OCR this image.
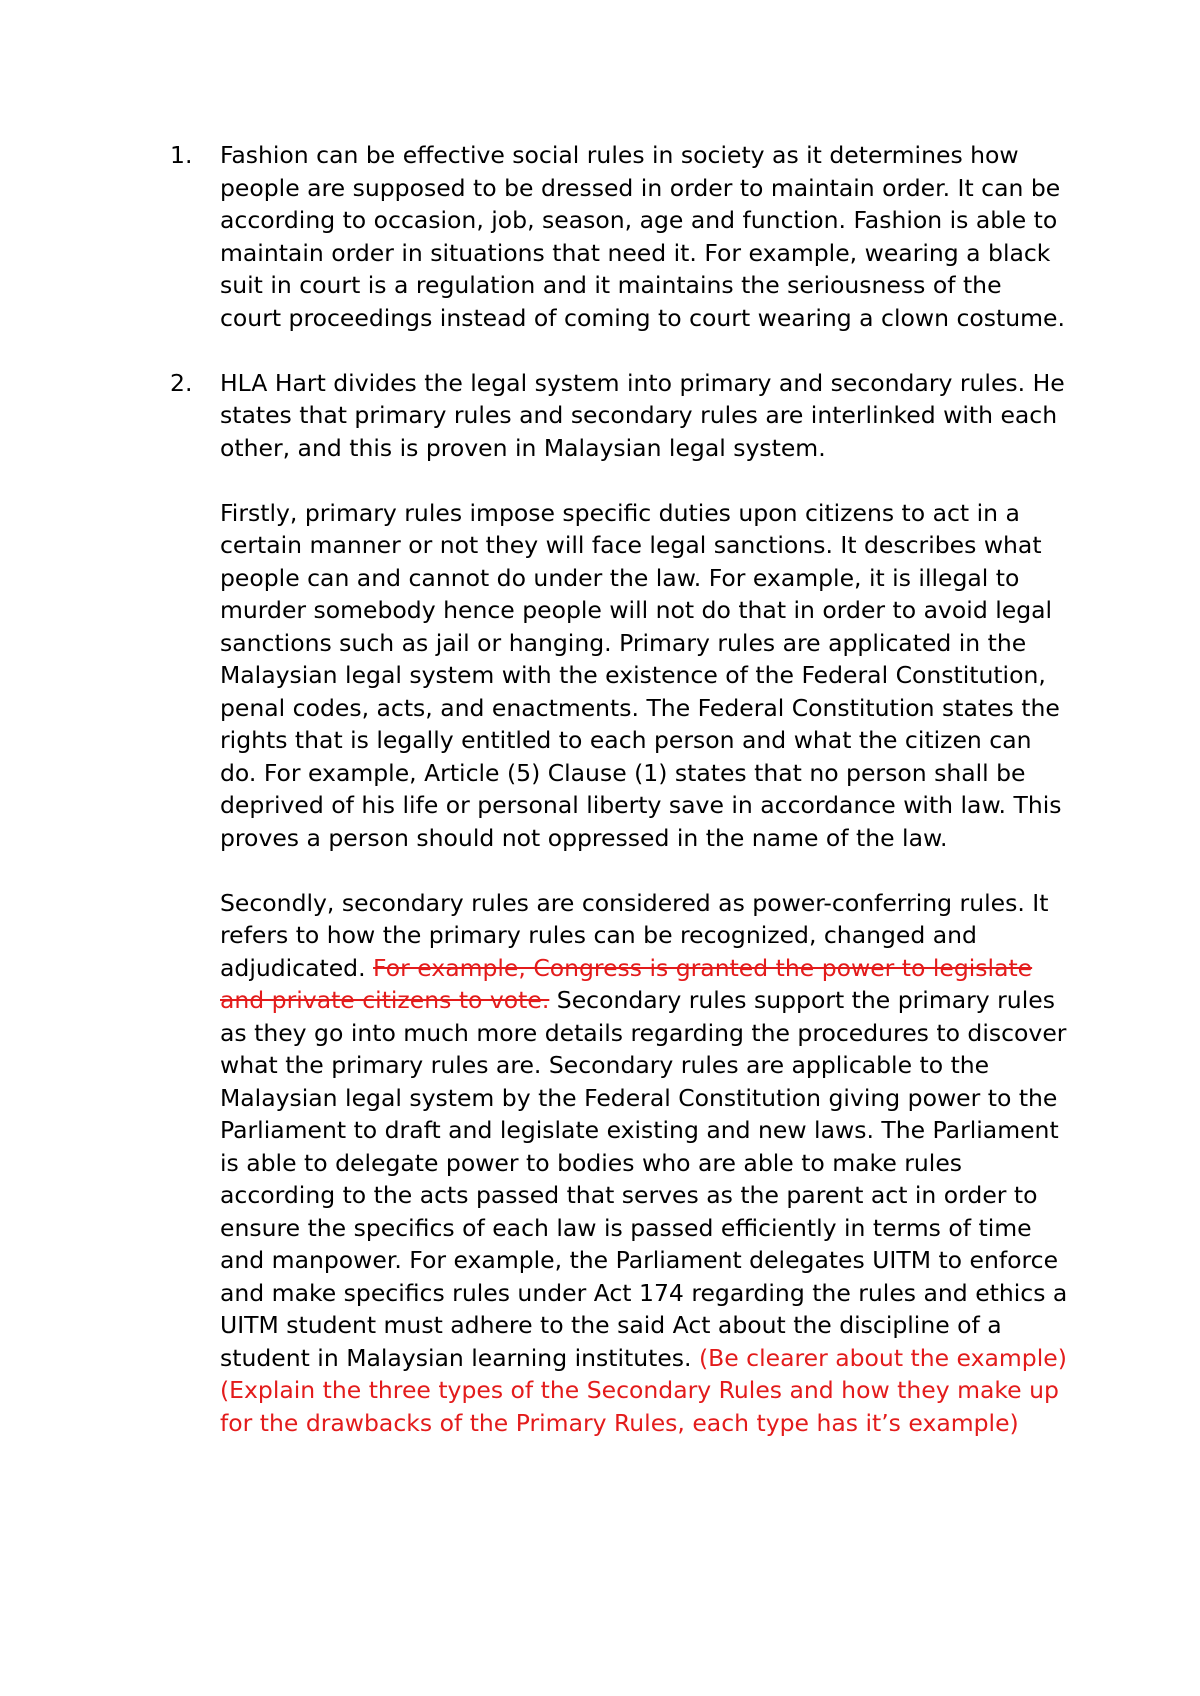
1. Fashion can be effective social rules in society as it determines how people are supposed to be dressed in order to maintain order. It can be according to occasion, job, season, age and function. Fashion is able to maintain order in situations that need it. For example, wearing a black suit in court is a regulation and it maintains the seriousness of the court proceedings instead of coming to court wearing a clown costume.

2. HLA Hart divides the legal system into primary and secondary rules. He states that primary rules and secondary rules are interlinked with each other, and this is proven in Malaysian legal system.

Firstly, primary rules impose specific duties upon citizens to act in a certain manner or not they will face legal sanctions. It describes what people can and cannot do under the law. For example, it is illegal to murder somebody hence people will not do that in order to avoid legal sanctions such as jail or hanging. Primary rules are applicated in the Malaysian legal system with the existence of the Federal Constitution, penal codes, acts, and enactments. The Federal Constitution states the rights that is legally entitled to each person and what the citizen can do. For example, Article (5) Clause (1) states that no person shall be deprived of his life or personal liberty save in accordance with law. This proves a person should not oppressed in the name of the law.

Secondly, secondary rules are considered as power-conferring rules. It refers to how the primary rules can be recognized, changed and adjudicated. For example, Congress is granted the power to legislate and private citizens to vote. Secondary rules support the primary rules as they go into much more details regarding the procedures to discover what the primary rules are. Secondary rules are applicable to the Malaysian legal system by the Federal Constitution giving power to the Parliament to draft and legislate existing and new laws. The Parliament is able to delegate power to bodies who are able to make rules according to the acts passed that serves as the parent act in order to ensure the specifics of each law is passed efficiently in terms of time and manpower. For example, the Parliament delegates UITM to enforce and make specifics rules under Act 174 regarding the rules and ethics a UITM student must adhere to the said Act about the discipline of a student in Malaysian learning institutes. (Be clearer about the example) (Explain the three types of the Secondary Rules and how they make up for the drawbacks of the Primary Rules, each type has it’s example)
